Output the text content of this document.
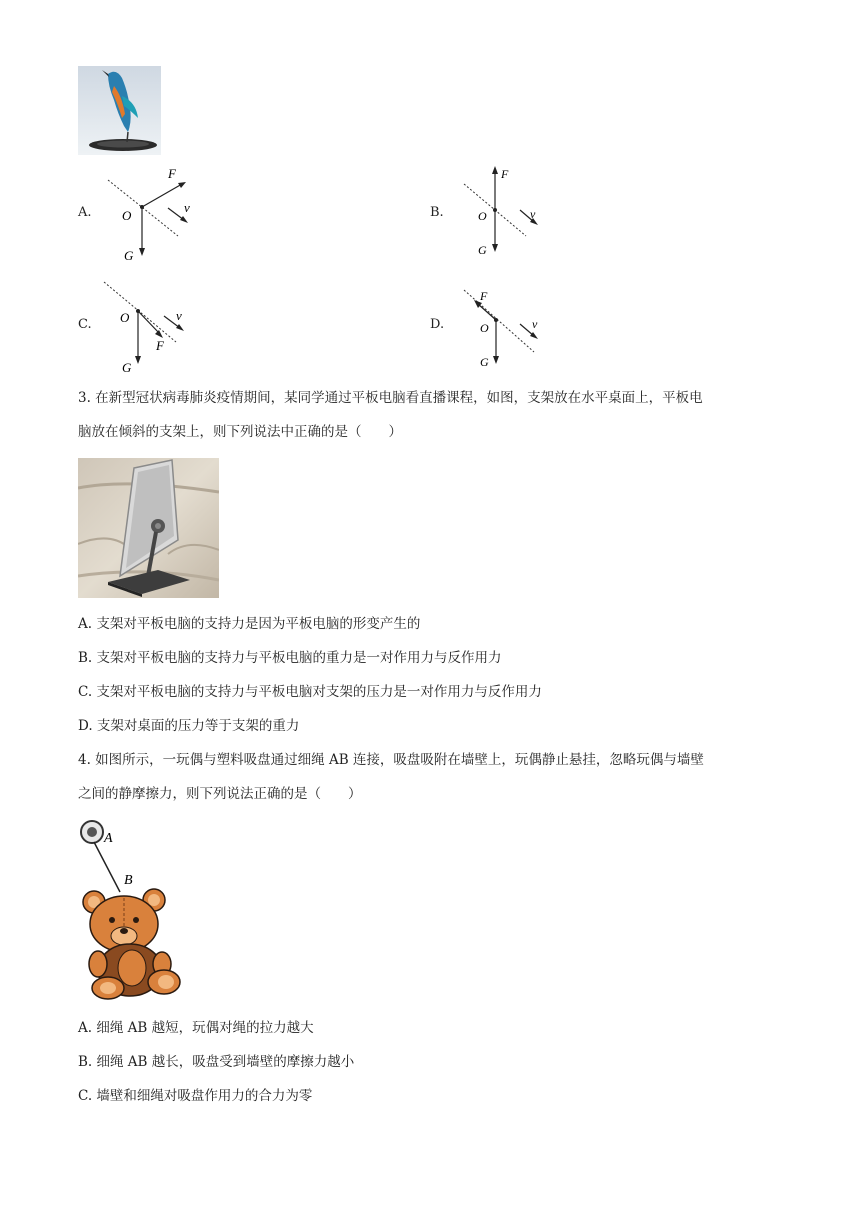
A.
F
O
v
G
B.
F
O	v
G
C. O	v
F
G
D.
F
O	v
G
3. 在新型冠状病毒肺炎疫情期间，某同学通过平板电脑看直播课程，如图，支架放在水平桌面上，平板电
脑放在倾斜的支架上，则下列说法中正确的是（　　）
A. 支架对平板电脑的支持力是因为平板电脑的形变产生的
B. 支架对平板电脑的支持力与平板电脑的重力是一对作用力与反作用力
C. 支架对平板电脑的支持力与平板电脑对支架的压力是一对作用力与反作用力
D. 支架对桌面的压力等于支架的重力
4. 如图所示，一玩偶与塑料吸盘通过细绳 AB 连接，吸盘吸附在墙壁上，玩偶静止悬挂，忽略玩偶与墙壁
之间的静摩擦力，则下列说法正确的是（　　）
A
B
A. 细绳 AB 越短，玩偶对绳的拉力越大
B. 细绳 AB 越长，吸盘受到墙壁的摩擦力越小
C. 墙壁和细绳对吸盘作用力的合力为零
